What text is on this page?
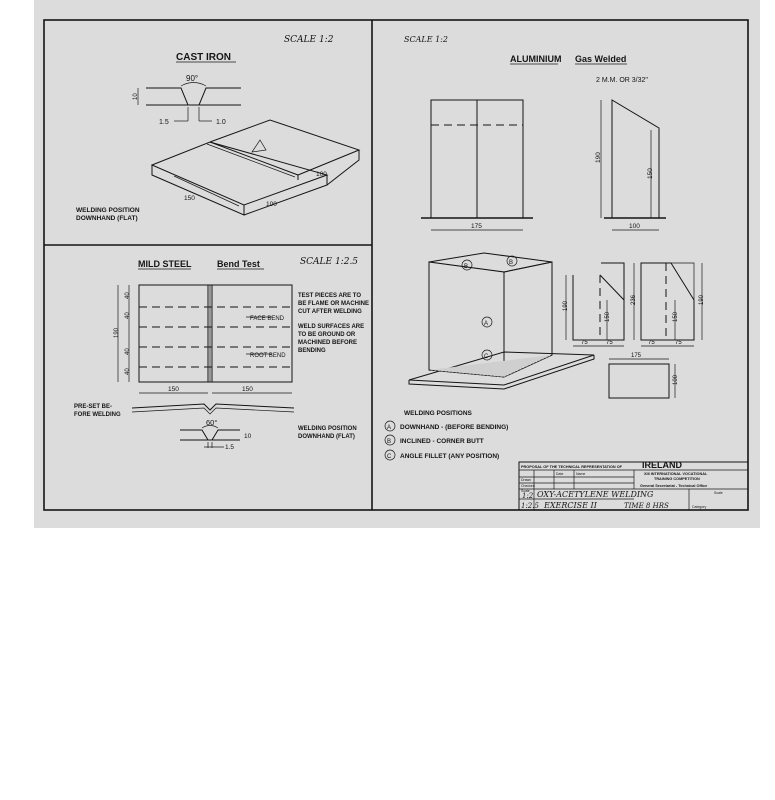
CAST IRON
SCALE 1:2
90°
10
1.5	1.0
150
100
100
WELDING POSITION
DOWNHAND (FLAT)
MILD STEEL	Bend Test	SCALE 1:2.5
FACE BEND
ROOT BEND
190
40
40
40
40
150	150
TEST PIECES ARE TO
BE FLAME OR MACHINE
CUT AFTER WELDING
WELD SURFACES ARE
TO BE GROUND OR
MACHINED BEFORE
BENDING
PRE-SET BE-
FORE WELDING
60°
1.5
10
WELDING POSITION
DOWNHAND (FLAT)
SCALE 1:2
ALUMINIUM Gas Welded
2 M.M. OR 3/32"
175
190
150
100
B
B
A
C
190
150
236
150
190
75	75	75	75
175
100
WELDING POSITIONS
A DOWNHAND - (BEFORE BENDING)
B INCLINED - CORNER BUTT
C ANGLE FILLET (ANY POSITION)
PROPOSAL OF THE TECHNICAL REPRESENTATION OF IRELAND
Date	Name
Drawn
Checked
Scale
1:2
1:2.5
XIII INTERNATIONAL VOCATIONAL
TRAINING COMPETITION
General Secretariat - Technical Office
OXY-ACETYLENE WELDING
EXERCISE II	TIME 8 HRS
Scale
Category
